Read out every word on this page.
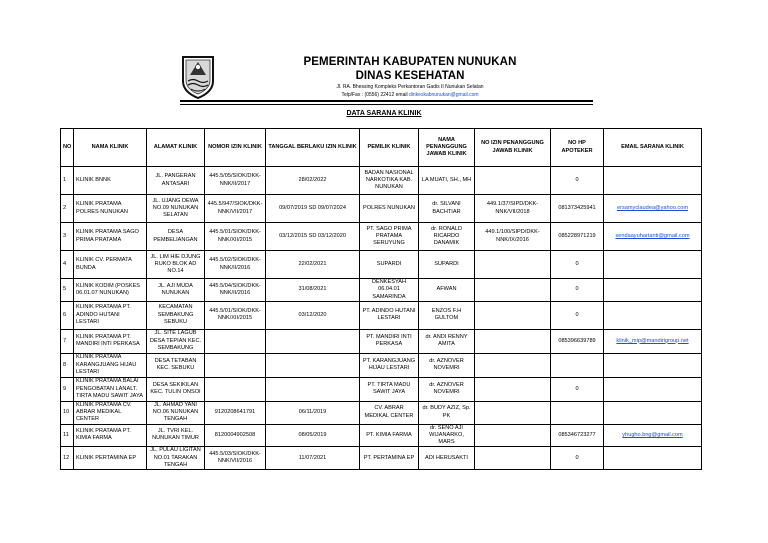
PEMERINTAH KABUPATEN NUNUKAN
DINAS KESEHATAN
Jl. RA. Bhessing Kompleks Perkantoran Gadis II Nunukan Selatan
Telp/Fax : (0556) 22412 email dinkeskabnunukan@gmail.com
DATA SARANA KLINIK
NO	NAMA KLINIK	ALAMAT KLINIK	NOMOR IZIN KLINIK	TANGGAL BERLAKU IZIN KLINIK	PEMILIK KLINIK	NAMA PENANGGUNG JAWAB KLINIK	NO IZIN PENANGGUNG JAWAB KLINIK	NO HP APOTEKER	EMAIL SARANA KLINIK
1	KLINIK BNNK	JL. PANGERAN ANTASARI	445.5/05/SIOK/DKK-NNK/II/2017	28/02/2022	BADAN NASIONAL NARKOTIKA KAB. NUNUKAN	LA MUATI, SH., MH		0	
2	KLINIK PRATAMA POLRES NUNUKAN	JL. UJANG DEWA NO.09 NUNUKAN SELATAN	445.5/947/SIOK/DKK-NNK/VII/2017	09/07/2019 SD 09/07/2024	POLRES NUNUKAN	dr. SILVANI BACHTIAR	449.1/37/SIPD/DKK-NNK/VII/2018	081373425941	ersamyclaudea@yahoo.com
3	KLINIK PRATAMA SAGO PRIMA PRATAMA	DESA PEMBELIANGAN	445.5/01/SIOK/DKK-NNK/XII/2015	03/12/2015 SD 03/12/2020	PT. SAGO PRIMA PRATAMA SERUYUNG	dr. RONALD RICARDO DANAMIK	449.1/100/SIPD/DKK-NNK/IX/2016	085228971219	sendaayuhartanti@gmail.com
4	KLINIK CV. PERMATA BUNDA	JL. LIM HIE DJUNG RUKO BLOK AD NO.14	445.5/02/SIOK/DKK-NNK/II/2016	22/02/2021	SUPARDI	SUPARDI		0	
5	KLINIK KODIM (POSKES 06.01.07 NUNUKAN)	JL. AJI MUDA NUNUKAN	445.5/04/SIOK/DKK-NNK/II/2016	31/08/2021	DENKESYAH 06.04.01 SAMARINDA	AFWAN		0	
6	KLINIK PRATAMA PT. ADINDO HUTANI LESTARI	KECAMATAN SEMBAKUNG SEBUKU	445.5/01/SIOK/DKK-NNK/XII/2015	03/12/2020	PT. ADINDO HUTANI LESTARI	ENZOS F.H GULTOM		0	
7	KLINIK PRATAMA PT. MANDIRI INTI PERKASA	JL. SITE LAGUB DESA TEPIAN KEC. SEMBAKUNG			PT. MANDIRI INTI PERKASA	dr. ANDI RENNY AMITA		085396639789	klinik_mip@mandirigroup.net
8	KLINIK PRATAMA KARANGJUANG HIJAU LESTARI	DESA TETABAN KEC. SEBUKU			PT. KARANGJUANG HIJAU LESTARI	dr. AZNOVER NOVEMRI			
9	KLINIK PRATAMA BALAI PENGOBATAN LANALT. TIRTA MADU SAWIT JAYA	DESA SEKIKILAN KEC. TULIN ONSOI			PT. TIRTA MADU SAWIT JAYA	dr. AZNOVER NOVEMRI		0	
10	KLINIK PRATAMA CV. ABRAR MEDIKAL CENTER	JL. AHMAD YANI NO.06 NUNUKAN TENGAH	9120208641791	06/11/2019	CV. ABRAR MEDIKAL CENTER	dr. BUDY AZIZ, Sp. PK			
11	KLINIK PRATAMA PT. KIMIA FARMA	JL. TVRI KEL. NUNUKAN TIMUR	8120004902508	08/05/2019	PT. KIMIA FARMA	dr. SENO AJI WIJANARKO, MARS		085346723277	yhugho.bng@gmail.com
12	KLINIK PERTAMINA EP	JL. PULAU LIGITAN NO.01 TARAKAN TENGAH	445.5/03/SIOK/DKK-NNK/VII/2016	11/07/2021	PT. PERTAMINA EP	ADI HERUSAKTI		0	
